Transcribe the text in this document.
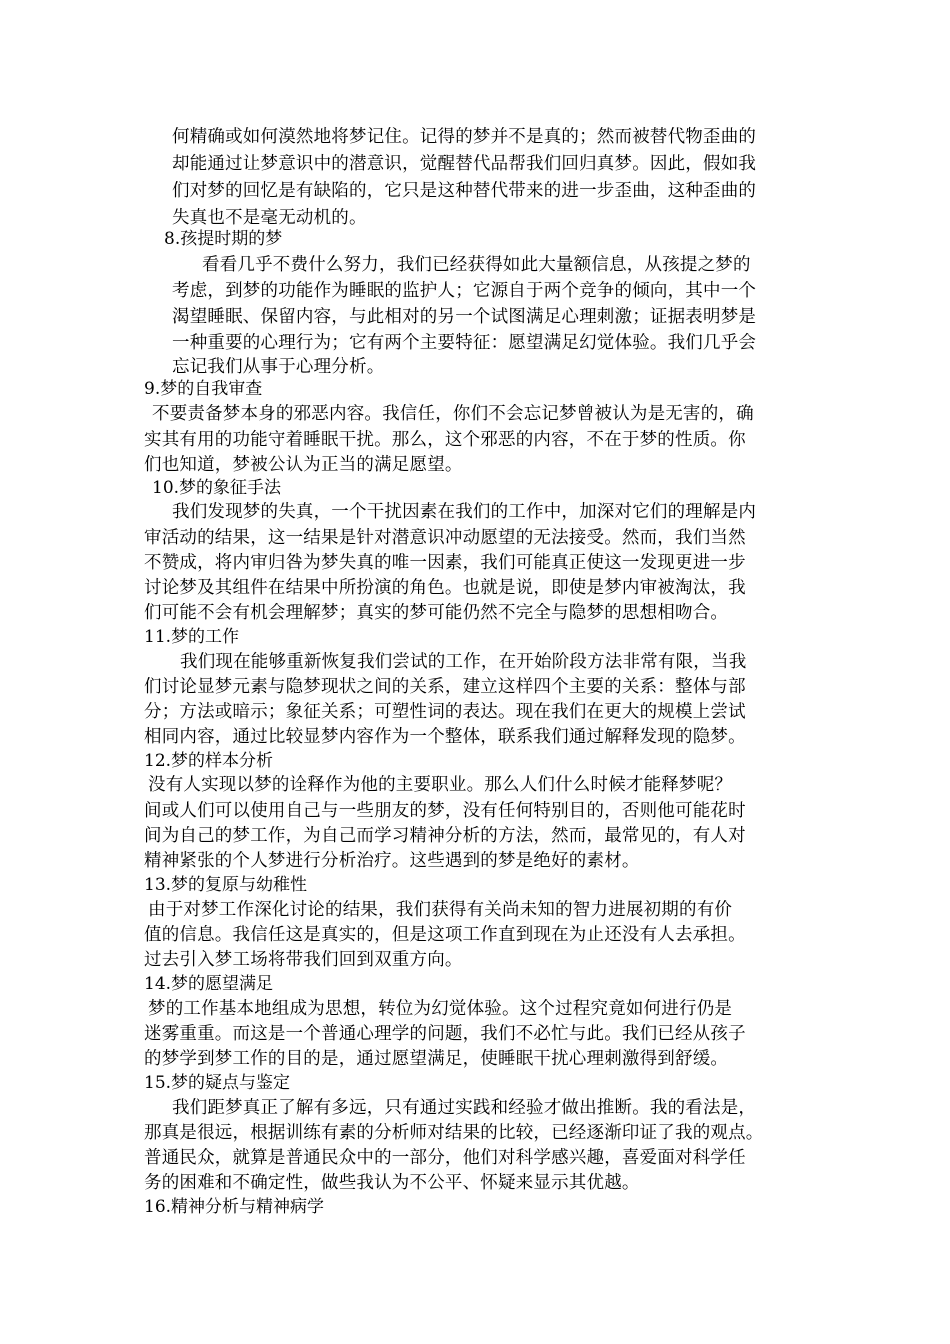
何精确或如何漠然地将梦记住。记得的梦并不是真的；然而被替代物歪曲的
却能通过让梦意识中的潜意识，觉醒替代品帮我们回归真梦。因此，假如我
们对梦的回忆是有缺陷的，它只是这种替代带来的进一步歪曲，这种歪曲的
失真也不是毫无动机的。
8.孩提时期的梦
看看几乎不费什么努力，我们已经获得如此大量额信息，从孩提之梦的
考虑，到梦的功能作为睡眠的监护人；它源自于两个竞争的倾向，其中一个
渴望睡眠、保留内容，与此相对的另一个试图满足心理刺激；证据表明梦是
一种重要的心理行为；它有两个主要特征：愿望满足幻觉体验。我们几乎会
忘记我们从事于心理分析。
9.梦的自我审查
不要责备梦本身的邪恶内容。我信任，你们不会忘记梦曾被认为是无害的，确
实其有用的功能守着睡眠干扰。那么，这个邪恶的内容，不在于梦的性质。你
们也知道，梦被公认为正当的满足愿望。
10.梦的象征手法
我们发现梦的失真，一个干扰因素在我们的工作中，加深对它们的理解是内
审活动的结果，这一结果是针对潜意识冲动愿望的无法接受。然而，我们当然
不赞成，将内审归咎为梦失真的唯一因素，我们可能真正使这一发现更进一步
讨论梦及其组件在结果中所扮演的角色。也就是说，即使是梦内审被淘汰，我
们可能不会有机会理解梦；真实的梦可能仍然不完全与隐梦的思想相吻合。
11.梦的工作
我们现在能够重新恢复我们尝试的工作，在开始阶段方法非常有限，当我
们讨论显梦元素与隐梦现状之间的关系，建立这样四个主要的关系：整体与部
分；方法或暗示；象征关系；可塑性词的表达。现在我们在更大的规模上尝试
相同内容，通过比较显梦内容作为一个整体，联系我们通过解释发现的隐梦。
12.梦的样本分析
没有人实现以梦的诠释作为他的主要职业。那么人们什么时候才能释梦呢？
间或人们可以使用自己与一些朋友的梦，没有任何特别目的，否则他可能花时
间为自己的梦工作，为自己而学习精神分析的方法，然而，最常见的，有人对
精神紧张的个人梦进行分析治疗。这些遇到的梦是绝好的素材。
13.梦的复原与幼稚性
由于对梦工作深化讨论的结果，我们获得有关尚未知的智力进展初期的有价
值的信息。我信任这是真实的，但是这项工作直到现在为止还没有人去承担。
过去引入梦工场将带我们回到双重方向。
14.梦的愿望满足
梦的工作基本地组成为思想，转位为幻觉体验。这个过程究竟如何进行仍是
迷雾重重。而这是一个普通心理学的问题，我们不必忙与此。我们已经从孩子
的梦学到梦工作的目的是，通过愿望满足，使睡眠干扰心理刺激得到舒缓。
15.梦的疑点与鉴定
我们距梦真正了解有多远，只有通过实践和经验才做出推断。我的看法是，
那真是很远，根据训练有素的分析师对结果的比较，已经逐渐印证了我的观点。
普通民众，就算是普通民众中的一部分，他们对科学感兴趣，喜爱面对科学任
务的困难和不确定性，做些我认为不公平、怀疑来显示其优越。
16.精神分析与精神病学
